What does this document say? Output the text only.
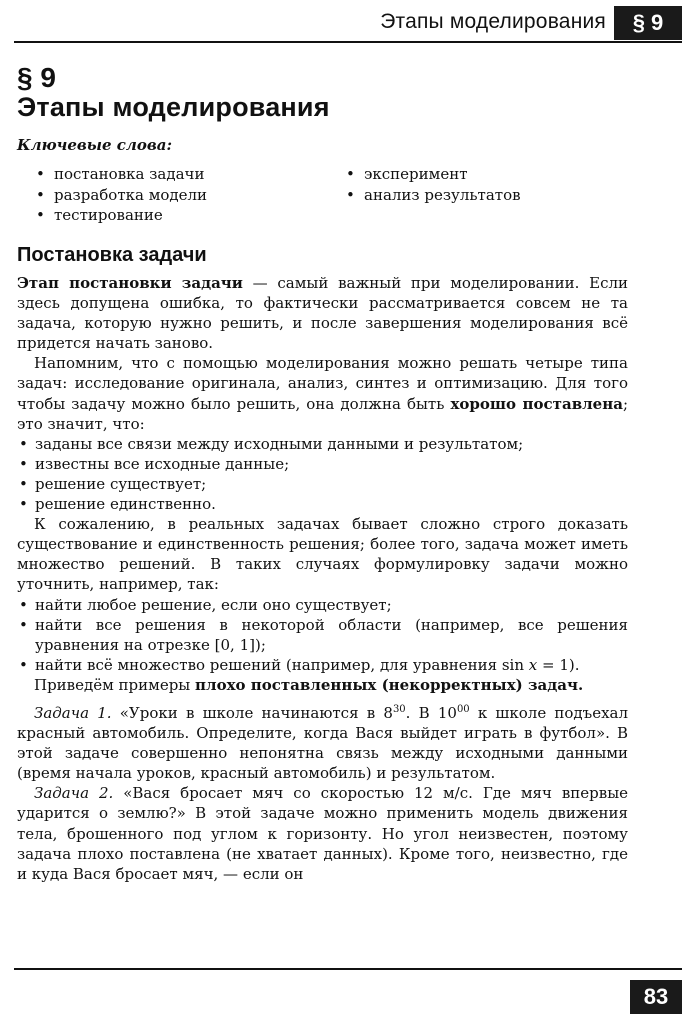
Этапы моделирования	§ 9
§ 9
Этапы моделирования
Ключевые слова:
• постановка задачи
• разработка модели
• тестирование
• эксперимент
• анализ результатов
Постановка задачи

Этап постановки задачи — самый важный при моделировании. Если здесь допущена ошибка, то фактически рассматривается совсем не та задача, которую нужно решить, и после завершения моделирования всё придется начать заново.

Напомним, что с помощью моделирования можно решать четыре типа задач: исследование оригинала, анализ, синтез и оптимизацию. Для того чтобы задачу можно было решить, она должна быть хорошо поставлена; это значит, что:

• заданы все связи между исходными данными и результатом;
• известны все исходные данные;
• решение существует;
• решение единственно.

К сожалению, в реальных задачах бывает сложно строго доказать существование и единственность решения; более того, задача может иметь множество решений. В таких случаях формулировку задачи можно уточнить, например, так:

• найти любое решение, если оно существует;
• найти все решения в некоторой области (например, все решения уравнения на отрезке [0, 1]);
• найти всё множество решений (например, для уравнения sin x = 1).

Приведём примеры плохо поставленных (некорректных) задач.

Задача 1. «Уроки в школе начинаются в $8^{30}$. В $10^{00}$ к школе подъехал красный автомобиль. Определите, когда Вася выйдет играть в футбол». В этой задаче совершенно непонятна связь между исходными данными (время начала уроков, красный автомобиль) и результатом.

Задача 2. «Вася бросает мяч со скоростью 12 м/с. Где мяч впервые ударится о землю?» В этой задаче можно применить модель движения тела, брошенного под углом к горизонту. Но угол неизвестен, поэтому задача плохо поставлена (не хватает данных). Кроме того, неизвестно, где и куда Вася бросает мяч, — если он

83
